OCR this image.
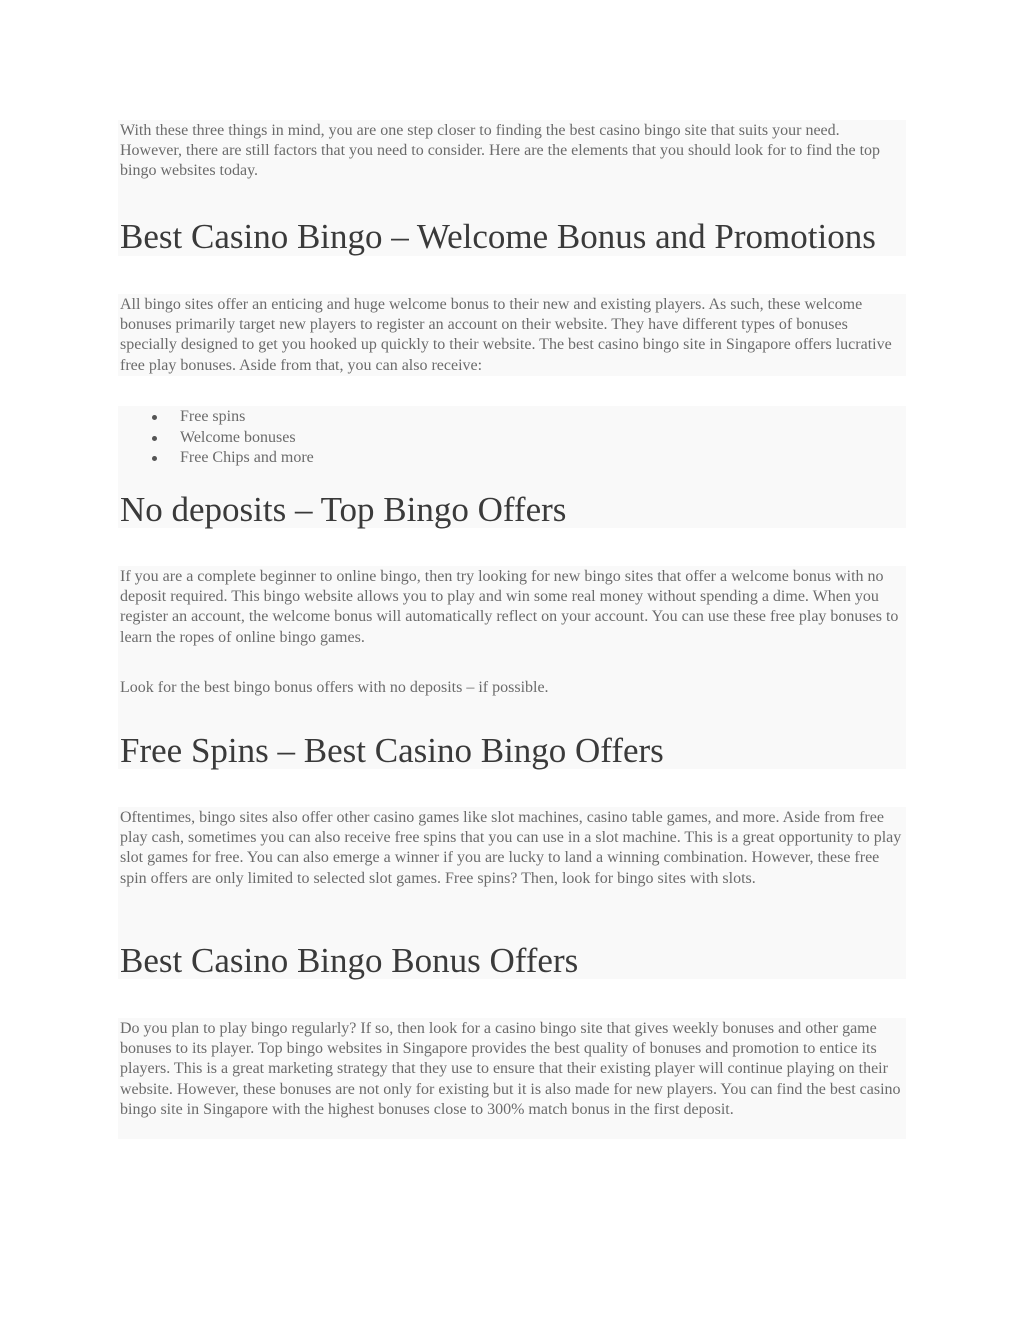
With these three things in mind, you are one step closer to finding the best casino bingo site that suits your need. However, there are still factors that you need to consider. Here are the elements that you should look for to find the top bingo websites today.

Best Casino Bingo – Welcome Bonus and Promotions

All bingo sites offer an enticing and huge welcome bonus to their new and existing players. As such, these welcome bonuses primarily target new players to register an account on their website. They have different types of bonuses specially designed to get you hooked up quickly to their website. The best casino bingo site in Singapore offers lucrative free play bonuses. Aside from that, you can also receive:

Free spins
Welcome bonuses
Free Chips and more
No deposits – Top Bingo Offers

If you are a complete beginner to online bingo, then try looking for new bingo sites that offer a welcome bonus with no deposit required. This bingo website allows you to play and win some real money without spending a dime. When you register an account, the welcome bonus will automatically reflect on your account. You can use these free play bonuses to learn the ropes of online bingo games.

Look for the best bingo bonus offers with no deposits – if possible.

Free Spins – Best Casino Bingo Offers

Oftentimes, bingo sites also offer other casino games like slot machines, casino table games, and more. Aside from free play cash, sometimes you can also receive free spins that you can use in a slot machine. This is a great opportunity to play slot games for free. You can also emerge a winner if you are lucky to land a winning combination. However, these free spin offers are only limited to selected slot games. Free spins? Then, look for bingo sites with slots.

Best Casino Bingo Bonus Offers

Do you plan to play bingo regularly? If so, then look for a casino bingo site that gives weekly bonuses and other game bonuses to its player. Top bingo websites in Singapore provides the best quality of bonuses and promotion to entice its players. This is a great marketing strategy that they use to ensure that their existing player will continue playing on their website. However, these bonuses are not only for existing but it is also made for new players. You can find the best casino bingo site in Singapore with the highest bonuses close to 300% match bonus in the first deposit.
